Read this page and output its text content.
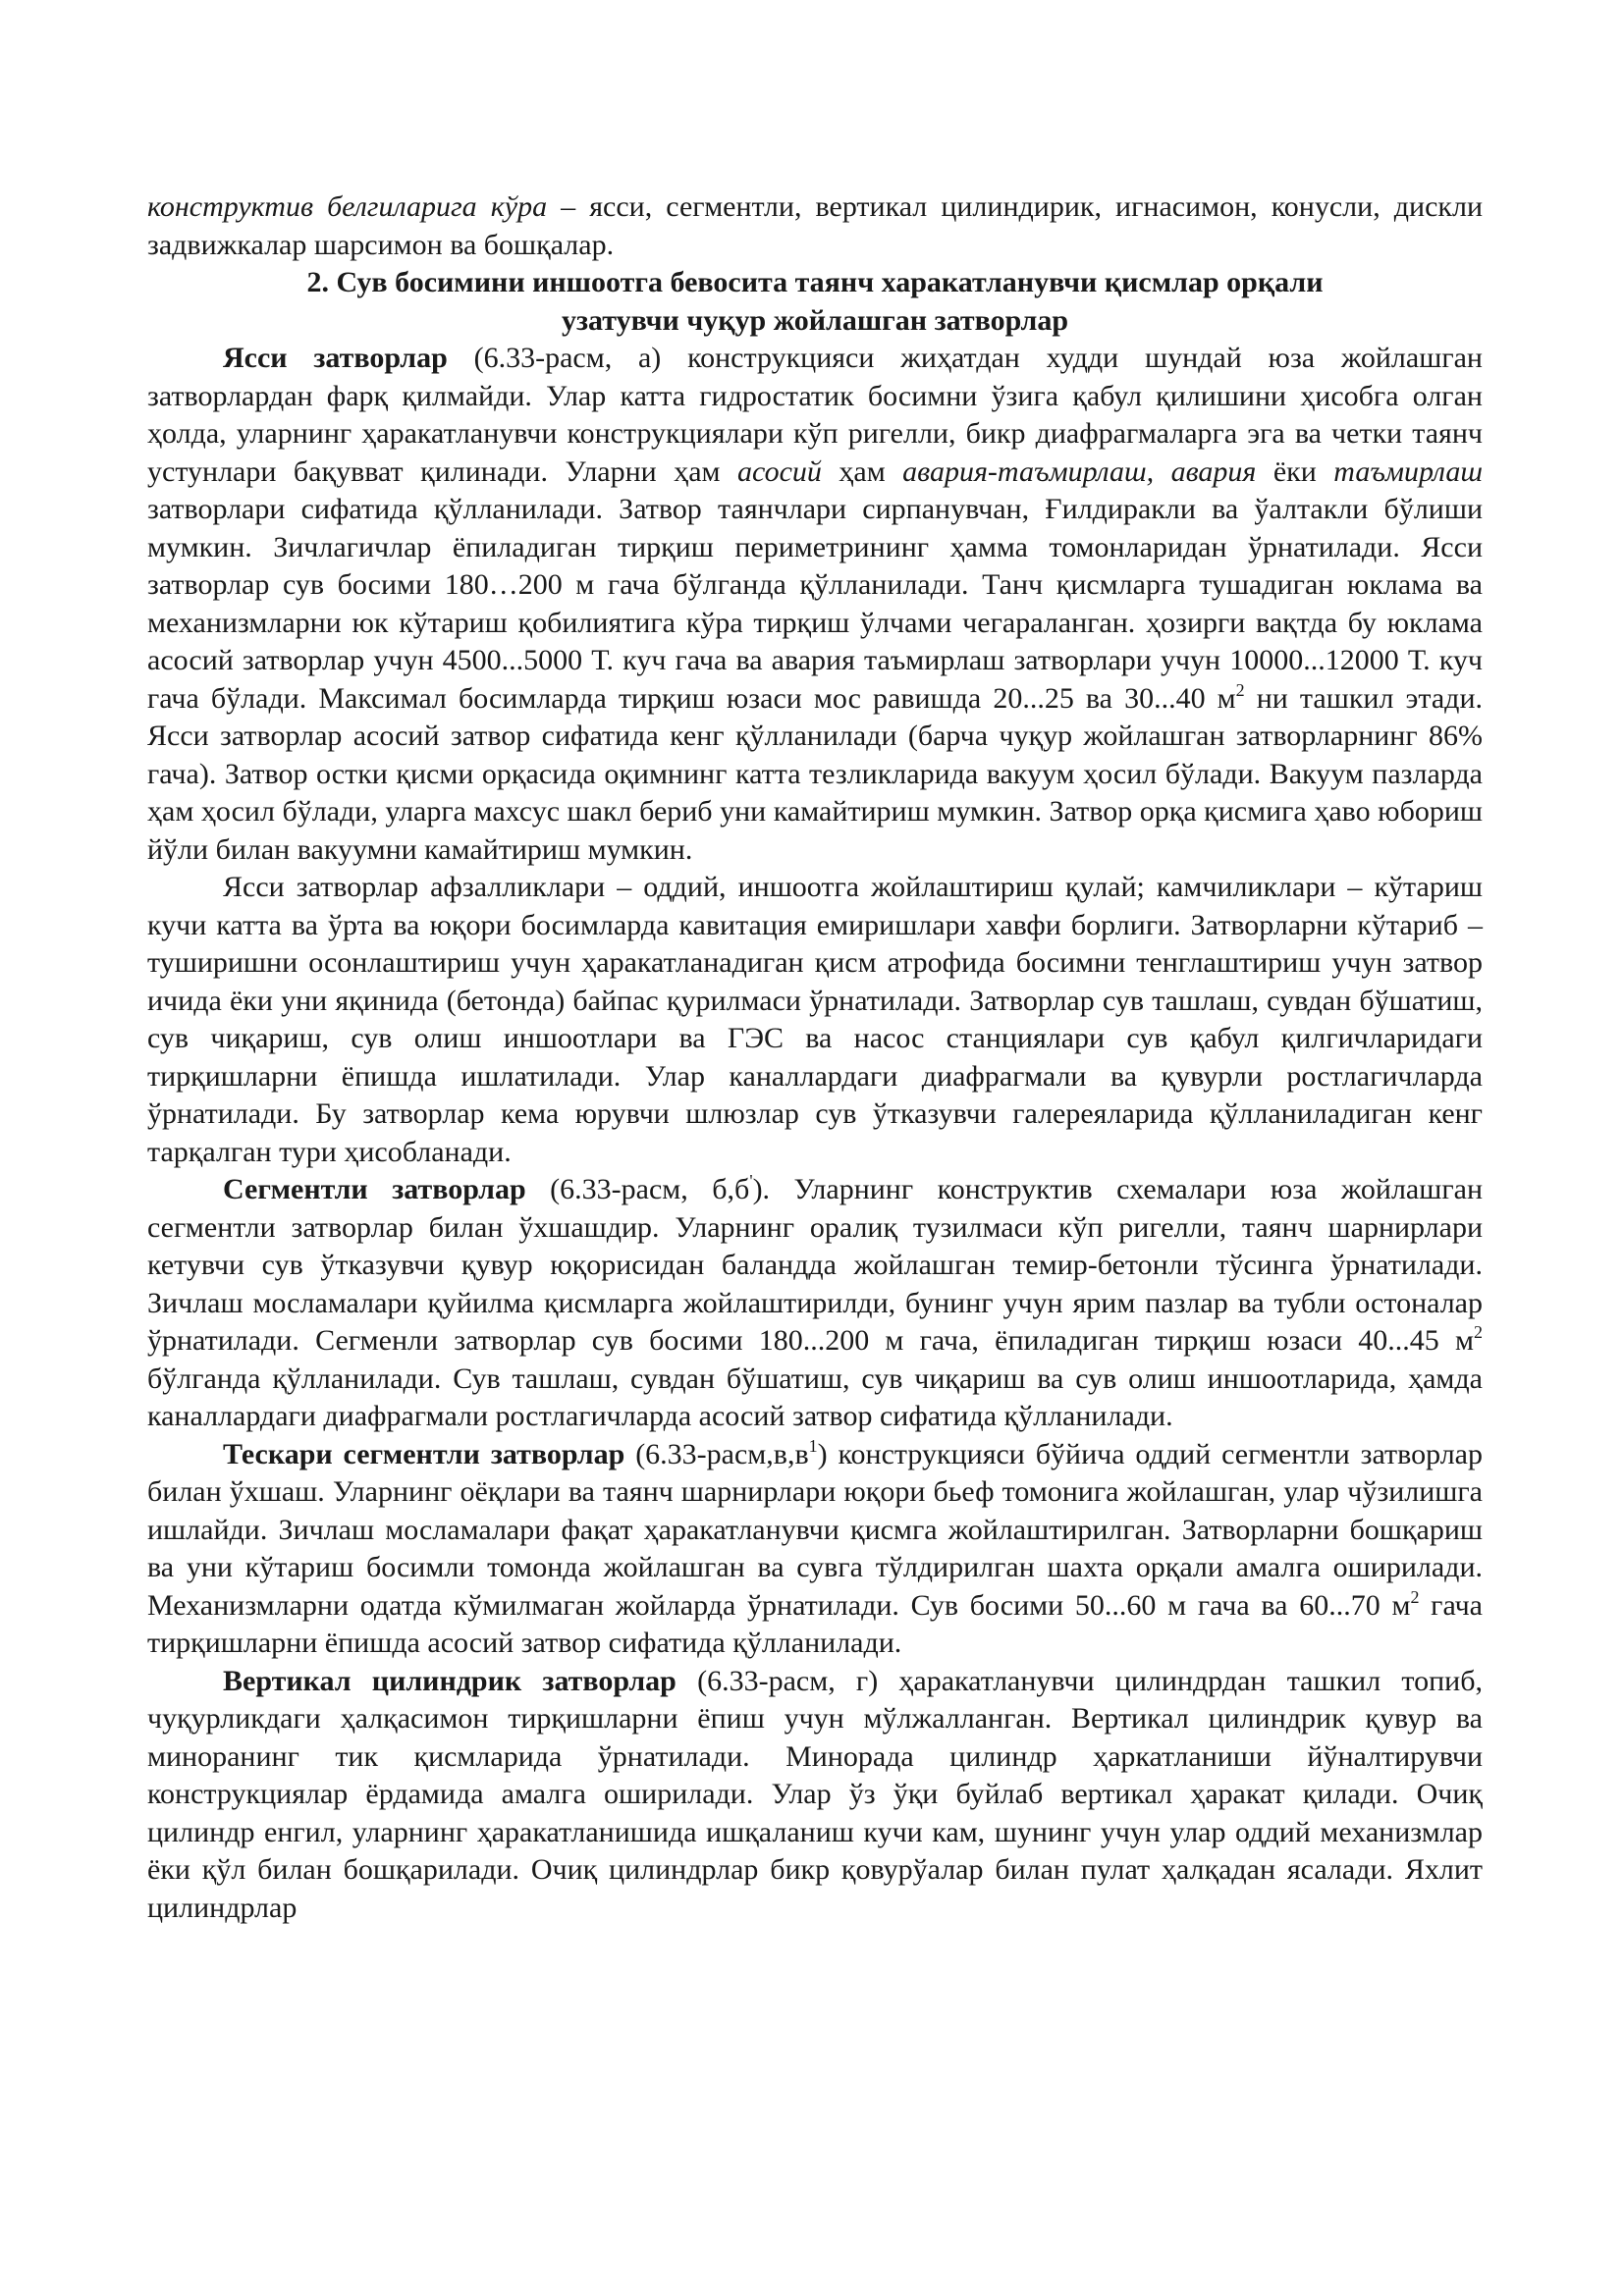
конструктив белгиларига кўра – ясси, сегментли, вертикал цилиндирик, игнасимон, конусли, дискли задвижкалар шарсимон ва бошқалар.

2. Сув босимини иншоотга бевосита таянч харакатланувчи қисмлар орқали узатувчи чуқур жойлашган затворлар

Ясси затворлар (6.33-расм, а) конструкцияси жиҳатдан худди шундай юза жойлашган затворлардан фарқ қилмайди. Улар катта гидростатик босимни ўзига қабул қилишини ҳисобга олган ҳолда, уларнинг ҳаракатланувчи конструкциялари кўп ригелли, бикр диафрагмаларга эга ва четки таянч устунлари бақувват қилинади. Уларни ҳам асосий ҳам авария-таъмирлаш, авария ёки таъмирлаш затворлари сифатида қўлланилади. Затвор таянчлари сирпанувчан, Ғилдиракли ва ўалтакли бўлиши мумкин. Зичлагичлар ёпиладиган тирқиш периметрининг ҳамма томонларидан ўрнатилади. Ясси затворлар сув босими 180…200 м гача бўлганда қўлланилади. Танч қисмларга тушадиган юклама ва механизмларни юк кўтариш қобилиятига кўра тирқиш ўлчами чегараланган. ҳозирги вақтда бу юклама асосий затворлар учун 4500...5000 Т. куч гача ва авария таъмирлаш затворлари учун 10000...12000 Т. куч гача бўлади. Максимал босимларда тирқиш юзаси мос равишда 20...25 ва 30...40 $м^2$ ни ташкил этади. Ясси затворлар асосий затвор сифатида кенг қўлланилади (барча чуқур жойлашган затворларнинг 86% гача). Затвор остки қисми орқасида оқимнинг катта тезликларида вакуум ҳосил бўлади. Вакуум пазларда ҳам ҳосил бўлади, уларга махсус шакл бериб уни камайтириш мумкин. Затвор орқа қисмига ҳаво юбориш йўли билан вакуумни камайтириш мумкин.

Ясси затворлар афзалликлари – оддий, иншоотга жойлаштириш қулай; камчиликлари – кўтариш кучи катта ва ўрта ва юқори босимларда кавитация емиришлари хавфи борлиги. Затворларни кўтариб – туширишни осонлаштириш учун ҳаракатланадиган қисм атрофида босимни тенглаштириш учун затвор ичида ёки уни яқинида (бетонда) байпас қурилмаси ўрнатилади. Затворлар сув ташлаш, сувдан бўшатиш, сув чиқариш, сув олиш иншоотлари ва ГЭС ва насос станциялари сув қабул қилгичларидаги тирқишларни ёпишда ишлатилади. Улар каналлардаги диафрагмали ва қувурли ростлагичларда ўрнатилади. Бу затворлар кема юрувчи шлюзлар сув ўтказувчи галереяларида қўлланиладиган кенг тарқалган тури ҳисобланади.

Сегментли затворлар (6.33-расм, б,б'). Уларнинг конструктив схемалари юза жойлашган сегментли затворлар билан ўхшашдир. Уларнинг оралиқ тузилмаси кўп ригелли, таянч шарнирлари кетувчи сув ўтказувчи қувур юқорисидан баландда жойлашган темир-бетонли тўсинга ўрнатилади. Зичлаш мосламалари қуйилма қисмларга жойлаштирилди, бунинг учун ярим пазлар ва тубли остоналар ўрнатилади. Сегменли затворлар сув босими 180...200 м гача, ёпиладиган тирқиш юзаси 40...45 $м^2$ бўлганда қўлланилади. Сув ташлаш, сувдан бўшатиш, сув чиқариш ва сув олиш иншоотларида, ҳамда каналлардаги диафрагмали ростлагичларда асосий затвор сифатида қўлланилади.

Тескари сегментли затворлар $(6.33-расм,в,в^1)$ конструкцияси бўйича оддий сегментли затворлар билан ўхшаш. Уларнинг оёқлари ва таянч шарнирлари юқори бьеф томонига жойлашган, улар чўзилишга ишлайди. Зичлаш мосламалари фақат ҳаракатланувчи қисмга жойлаштирилган. Затворларни бошқариш ва уни кўтариш босимли томонда жойлашган ва сувга тўлдирилган шахта орқали амалга оширилади. Механизмларни одатда кўмилмаган жойларда ўрнатилади. Сув босими 50...60 м гача ва 60...70 $м^2$ гача тирқишларни ёпишда асосий затвор сифатида қўлланилади.

Вертикал цилиндрик затворлар (6.33-расм, г) ҳаракатланувчи цилиндрдан ташкил топиб, чуқурликдаги ҳалқасимон тирқишларни ёпиш учун мўлжалланган. Вертикал цилиндрик қувур ва миноранинг тик қисмларида ўрнатилади. Минорада цилиндр ҳаркатланиши йўналтирувчи конструкциялар ёрдамида амалга оширилади. Улар ўз ўқи буйлаб вертикал ҳаракат қилади. Очиқ цилиндр енгил, уларнинг ҳаракатланишида ишқаланиш кучи кам, шунинг учун улар оддий механизмлар ёки қўл билан бошқарилади. Очиқ цилиндрлар бикр қовурўалар билан пулат ҳалқадан ясалади. Яхлит цилиндрлар
